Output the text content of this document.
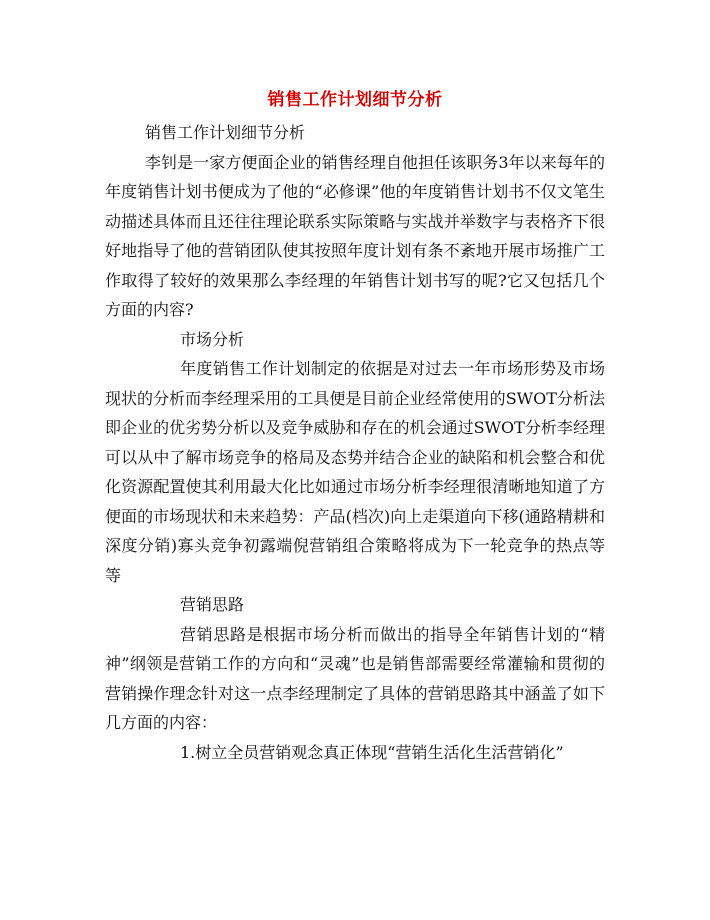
销售工作计划细节分析

销售工作计划细节分析

李钊是一家方便面企业的销售经理自他担任该职务3年以来每年的年度销售计划书便成为了他的“必修课”他的年度销售计划书不仅文笔生动描述具体而且还往往理论联系实际策略与实战并举数字与表格齐下很好地指导了他的营销团队使其按照年度计划有条不紊地开展市场推广工作取得了较好的效果那么李经理的年销售计划书写的呢?它又包括几个方面的内容?

市场分析

年度销售工作计划制定的依据是对过去一年市场形势及市场现状的分析而李经理采用的工具便是目前企业经常使用的SWOT分析法即企业的优劣势分析以及竞争威胁和存在的机会通过SWOT分析李经理可以从中了解市场竞争的格局及态势并结合企业的缺陷和机会整合和优化资源配置使其利用最大化比如通过市场分析李经理很清晰地知道了方便面的市场现状和未来趋势：产品(档次)向上走渠道向下移(通路精耕和深度分销)寡头竞争初露端倪营销组合策略将成为下一轮竞争的热点等等

营销思路

营销思路是根据市场分析而做出的指导全年销售计划的“精神”纲领是营销工作的方向和“灵魂”也是销售部需要经常灌输和贯彻的营销操作理念针对这一点李经理制定了具体的营销思路其中涵盖了如下几方面的内容：

1.树立全员营销观念真正体现“营销生活化生活营销化”
